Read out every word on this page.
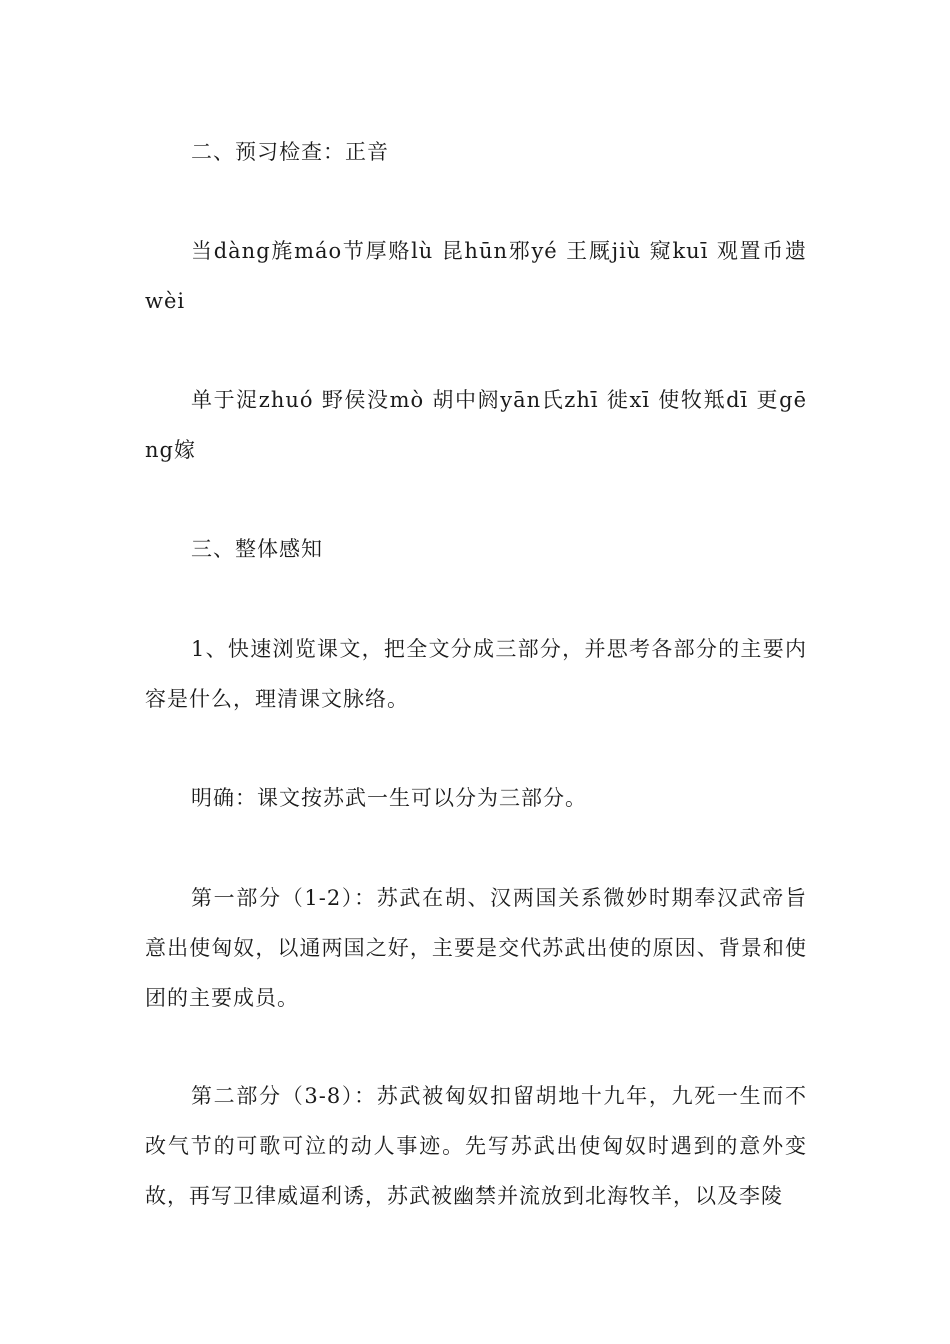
二、预习检查：正音

当dàng旄máo节厚赂lù 昆hūn邪yé 王厩jiù 窥kuī 观置币遗wèi

单于浞zhuó 野侯没mò 胡中阏yān氏zhī 徙xī 使牧羝dī 更gēng嫁

三、整体感知

1、快速浏览课文，把全文分成三部分，并思考各部分的主要内容是什么，理清课文脉络。

明确：课文按苏武一生可以分为三部分。

第一部分（1-2）：苏武在胡、汉两国关系微妙时期奉汉武帝旨意出使匈奴，以通两国之好，主要是交代苏武出使的原因、背景和使团的主要成员。

第二部分（3-8）：苏武被匈奴扣留胡地十九年，九死一生而不改气节的可歌可泣的动人事迹。先写苏武出使匈奴时遇到的意外变故，再写卫律威逼利诱，苏武被幽禁并流放到北海牧羊，以及李陵
